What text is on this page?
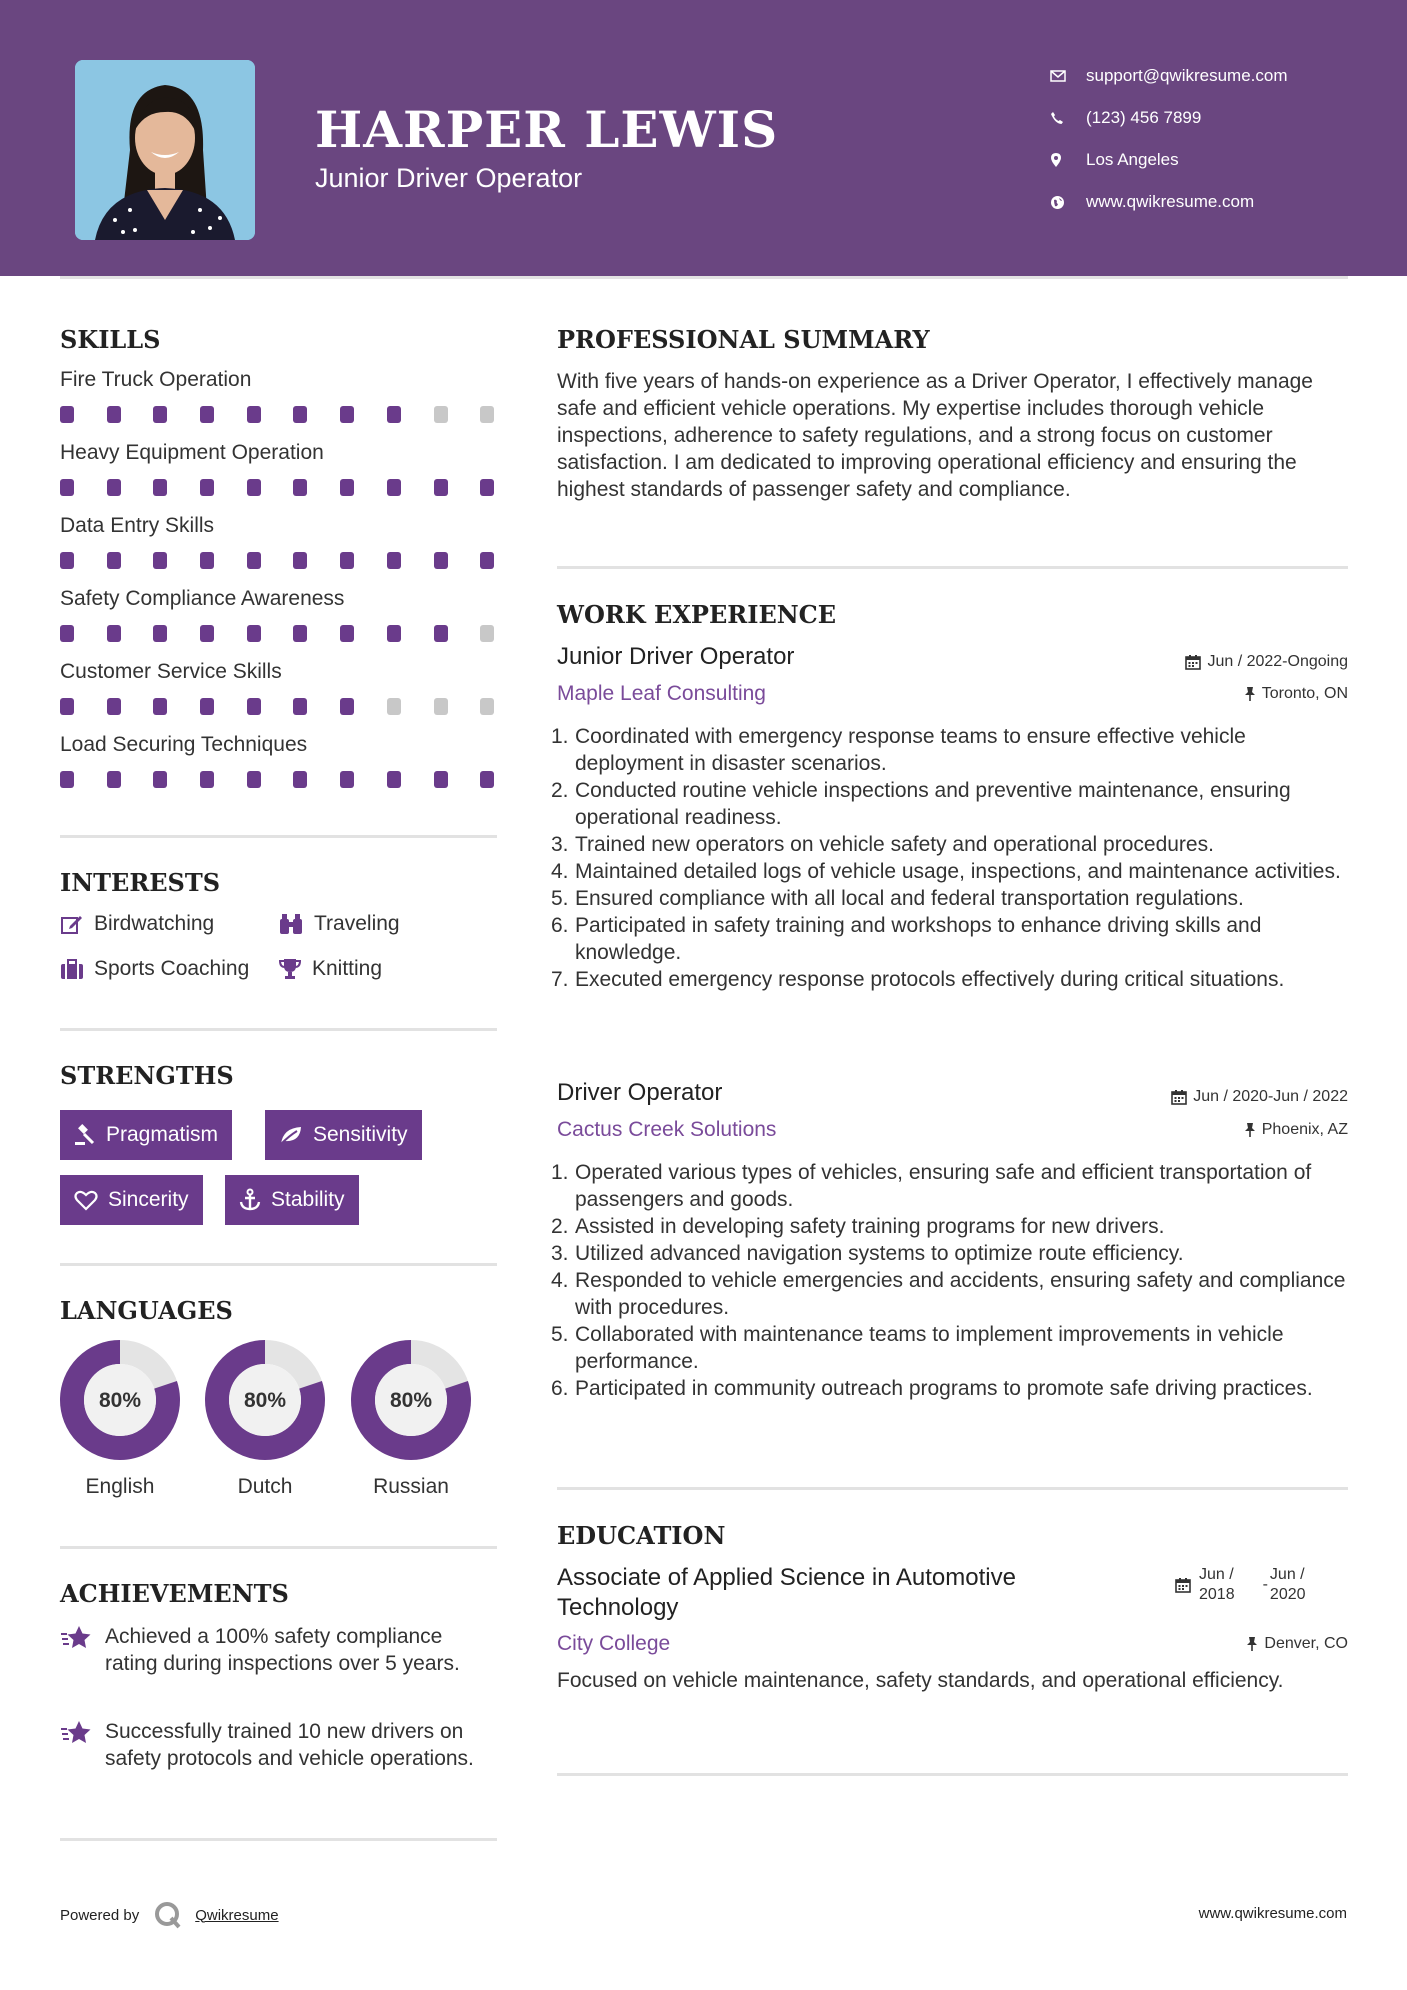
HARPER LEWIS
Junior Driver Operator
support@qwikresume.com
(123) 456 7899
Los Angeles
www.qwikresume.com
SKILLS
Fire Truck Operation
Heavy Equipment Operation
Data Entry Skills
Safety Compliance Awareness
Customer Service Skills
Load Securing Techniques
INTERESTS
Birdwatching	Traveling
Sports Coaching	Knitting
STRENGTHS
Pragmatism	Sensitivity
Sincerity	Stability
LANGUAGES
80%
English
80%
Dutch
80%
Russian
ACHIEVEMENTS
Achieved a 100% safety compliance rating during inspections over 5 years.
Successfully trained 10 new drivers on safety protocols and vehicle operations.
PROFESSIONAL SUMMARY
With five years of hands-on experience as a Driver Operator, I effectively manage safe and efficient vehicle operations. My expertise includes thorough vehicle inspections, adherence to safety regulations, and a strong focus on customer satisfaction. I am dedicated to improving operational efficiency and ensuring the highest standards of passenger safety and compliance.
WORK EXPERIENCE
Junior Driver Operator	Jun / 2022-Ongoing
Maple Leaf Consulting	Toronto, ON
1. Coordinated with emergency response teams to ensure effective vehicle deployment in disaster scenarios.
2. Conducted routine vehicle inspections and preventive maintenance, ensuring operational readiness.
3. Trained new operators on vehicle safety and operational procedures.
4. Maintained detailed logs of vehicle usage, inspections, and maintenance activities.
5. Ensured compliance with all local and federal transportation regulations.
6. Participated in safety training and workshops to enhance driving skills and knowledge.
7. Executed emergency response protocols effectively during critical situations.
Driver Operator	Jun / 2020-Jun / 2022
Cactus Creek Solutions	Phoenix, AZ
1. Operated various types of vehicles, ensuring safe and efficient transportation of passengers and goods.
2. Assisted in developing safety training programs for new drivers.
3. Utilized advanced navigation systems to optimize route efficiency.
4. Responded to vehicle emergencies and accidents, ensuring safety and compliance with procedures.
5. Collaborated with maintenance teams to implement improvements in vehicle performance.
6. Participated in community outreach programs to promote safe driving practices.
EDUCATION
Associate of Applied Science in Automotive Technology
Jun /
2018
-
Jun /
2020
City College	Denver, CO
Focused on vehicle maintenance, safety standards, and operational efficiency.
Powered by	Qwikresume	www.qwikresume.com
